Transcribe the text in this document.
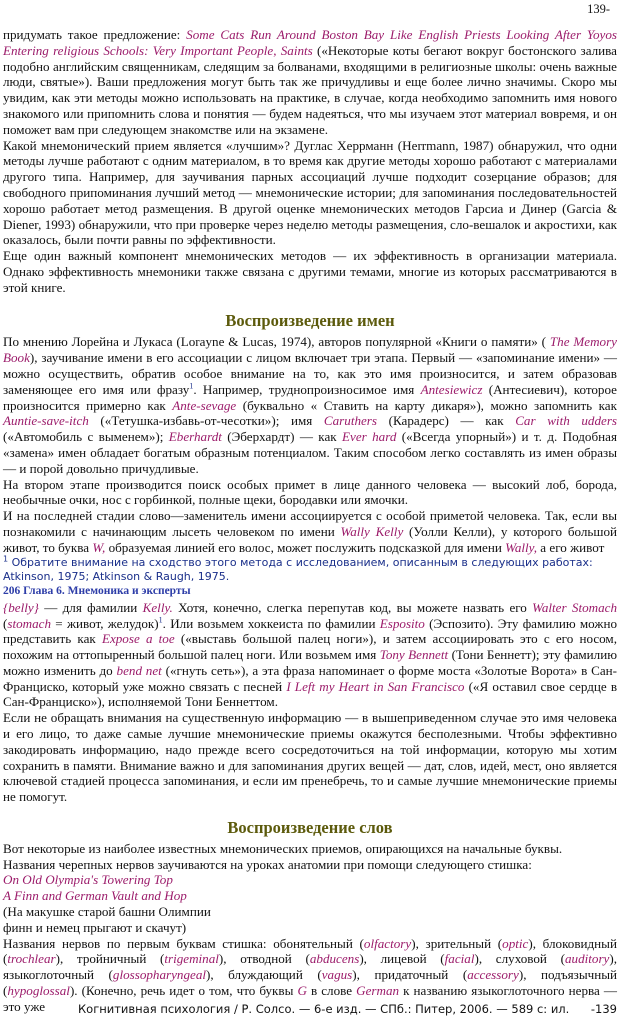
139-

придумать такое предложение: Some Cats Run Around Boston Bay Like English Priests Looking After Yoyos Entering religious Schools: Very Important People, Saints («Некоторые коты бегают вокруг бостонского залива подобно английским священникам, следящим за болванами, входящими в религиозные школы: очень важные люди, святые»). Ваши предложения могут быть так же причудливы и еще более лично значимы. Скоро мы увидим, как эти методы можно использовать на практике, в случае, когда необходимо запомнить имя нового знакомого или припомнить слова и понятия — будем надеяться, что мы изучаем этот материал вовремя, и он поможет вам при следующем знакомстве или на экзамене.

Какой мнемонический прием является «лучшим»? Дуглас Херрманн (Herrmann, 1987) обнаружил, что одни методы лучше работают с одним материалом, в то время как другие методы хорошо работают с материалами другого типа. Например, для заучивания парных ассоциаций лучше подходит созерцание образов; для свободного припоминания лучший метод — мнемонические истории; для запоминания последовательностей хорошо работает метод размещения. В другой оценке мнемонических методов Гарсиа и Динер (Garcia & Diener, 1993) обнаружили, что при проверке через неделю методы размещения, сло-вешалок и акростихи, как оказалось, были почти равны по эффективности.

Еще один важный компонент мнемонических методов — их эффективность в организации материала. Однако эффективность мнемоники также связана с другими темами, многие из которых рассматриваются в этой книге.

Воспроизведение имен

По мнению Лорейна и Лукаса (Lorayne & Lucas, 1974), авторов популярной «Книги о памяти» ( The Memory Book), заучивание имени в его ассоциации с лицом включает три этапа. Первый — «запоминание имени» — можно осуществить, обратив особое внимание на то, как это имя произносится, и затем образовав заменяющее его имя или фразу$^1$. Например, труднопроизносимое имя Antesiewicz (Антесиевич), которое произносится примерно как Ante-sevage (буквально « Ставить на карту дикаря»), можно запомнить как Auntie-save-itch («Тетушка-избавь-от-чесотки»); имя Caruthers (Карадерс) — как Car with udders («Автомобиль с выменем»); Eberhardt (Эберхардт) — как Ever hard («Всегда упорный») и т. д. Подобная «замена» имен обладает богатым образным потенциалом. Таким способом легко составлять из имен образы — и порой довольно причудливые.

На втором этапе производится поиск особых примет в лице данного человека — высокий лоб, борода, необычные очки, нос с горбинкой, полные щеки, бородавки или ямочки.

И на последней стадии слово—заменитель имени ассоциируется с особой приметой человека. Так, если вы познакомили с начинающим лысеть человеком по имени Wally Kelly (Уолли Келли), у которого большой живот, то буква W, образуемая линией его волос, может послужить подсказкой для имени Wally, а его живот

$^1$ Обратите внимание на сходство этого метода с исследованием, описанным в следующих работах: Atkinson, 1975; Atkinson & Raugh, 1975.

206 Глава 6. Мнемоника и эксперты

{belly} — для фамилии Kelly. Хотя, конечно, слегка перепутав код, вы можете назвать его Walter Stomach (stomach = живот, желудок)$^1$. Или возьмем хоккеиста по фамилии Esposito (Эспозито). Эту фамилию можно представить как Expose a toe («выставь большой палец ноги»), и затем ассоциировать это с его носом, похожим на оттопыренный большой палец ноги. Или возьмем имя Tony Bennett (Тони Беннетт); эту фамилию можно изменить до bend net («гнуть сеть»), а эта фраза напоминает о форме моста «Золотые Ворота» в Сан-Франциско, который уже можно связать с песней I Left my Heart in San Francisco («Я оставил свое сердце в Сан-Франциско»), исполняемой Тони Беннеттом.

Если не обращать внимания на существенную информацию — в вышеприведенном случае это имя человека и его лицо, то даже самые лучшие мнемонические приемы окажутся бесполезными. Чтобы эффективно закодировать информацию, надо прежде всего сосредоточиться на той информации, которую мы хотим сохранить в памяти. Внимание важно и для запоминания других вещей — дат, слов, идей, мест, оно является ключевой стадией процесса запоминания, и если им пренебречь, то и самые лучшие мнемонические приемы не помогут.

Воспроизведение слов

Вот некоторые из наиболее известных мнемонических приемов, опирающихся на начальные буквы.

Названия черепных нервов заучиваются на уроках анатомии при помощи следующего стишка:

On Old Olympia's Towering Top

A Finn and German Vault and Hop

(На макушке старой башни Олимпии

финн и немец прыгают и скачут)

Названия нервов по первым буквам стишка: обонятельный (olfactory), зрительный (optic), блоковидный (trochlear), тройничный (trigeminal), отводной (abducens), лицевой (facial), слуховой (auditory), языкоглоточный (glossopharyngeal), блуждающий (vagus), придаточный (accessory), подъязычный (hypoglossal). (Конечно, речь идет о том, что буквы G в слове German к названию языкоглоточного нерва — это уже	Когнитивная психология / Р. Солсо. — 6-е изд. — СПб.: Питер, 2006. — 589 с: ил. -139
